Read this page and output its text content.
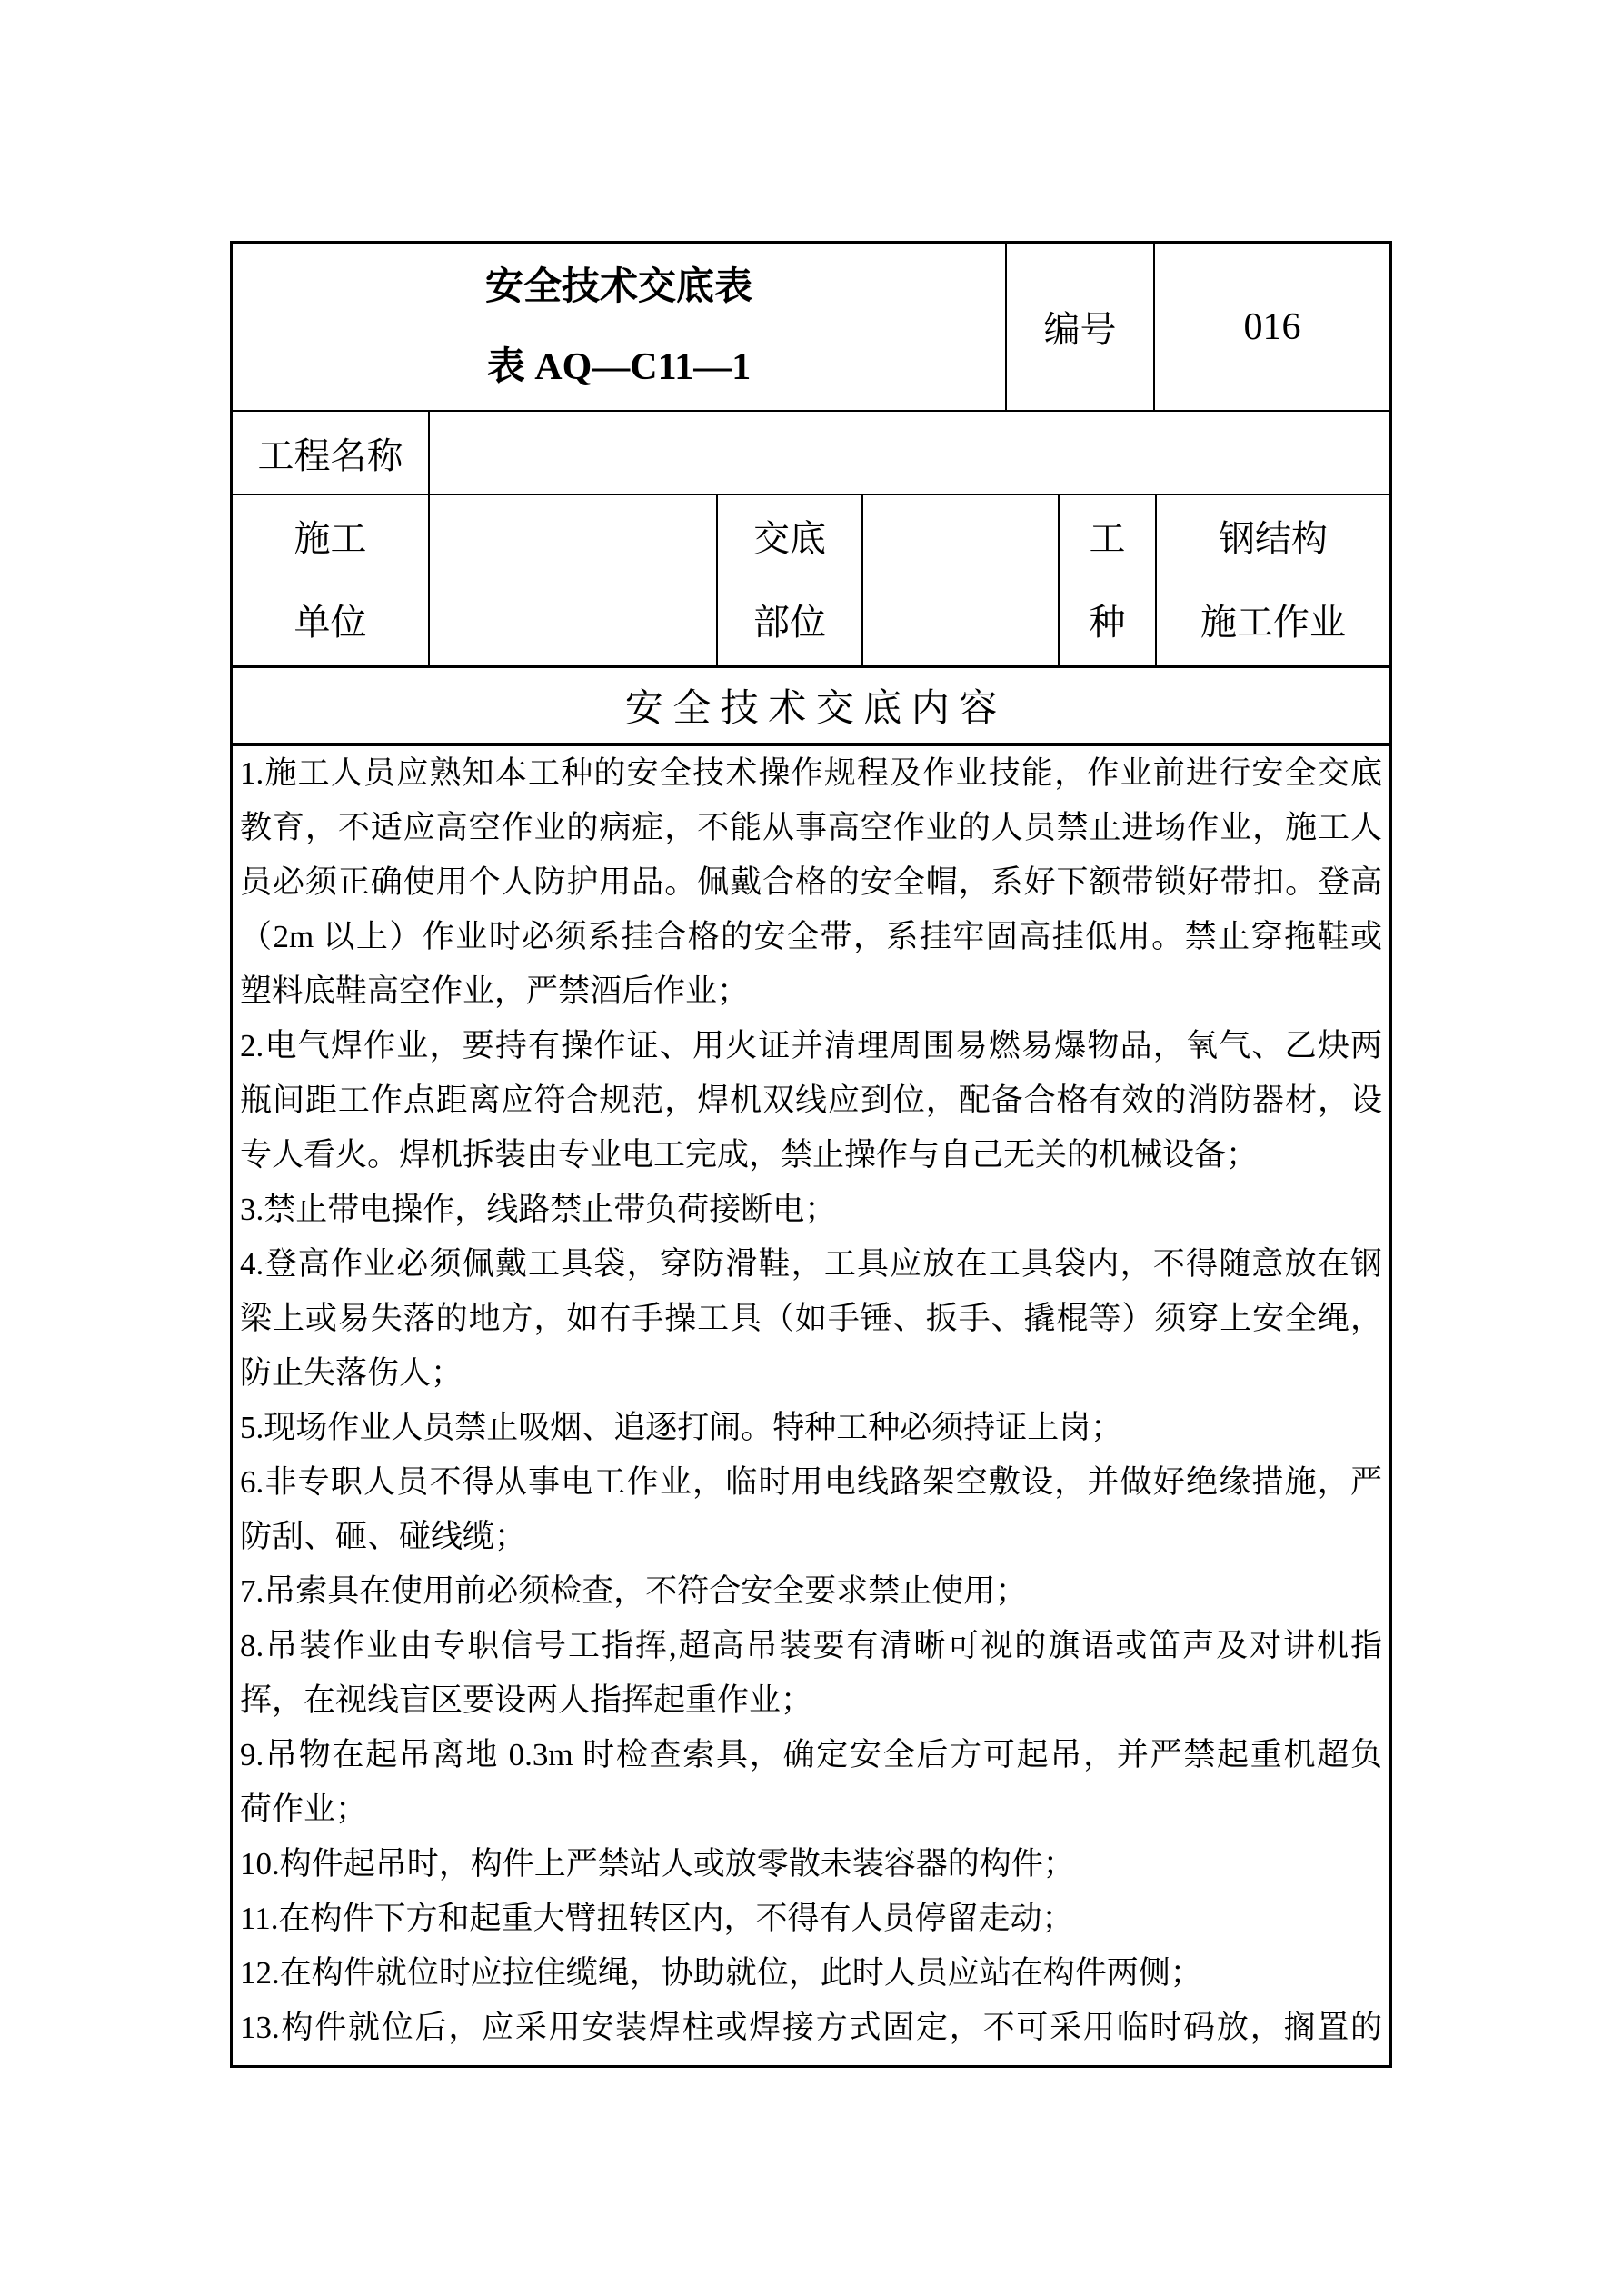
安全技术交底表
表 AQ—C11—1
编号	016
工程名称
施工
单位
交底
部位
工
种
钢结构
施工作业
安 全 技 术 交 底 内 容
1.施工人员应熟知本工种的安全技术操作规程及作业技能，作业前进行安全交底
教育，不适应高空作业的病症，不能从事高空作业的人员禁止进场作业，施工人
员必须正确使用个人防护用品。佩戴合格的安全帽，系好下额带锁好带扣。登高
（2m 以上）作业时必须系挂合格的安全带，系挂牢固高挂低用。禁止穿拖鞋或
塑料底鞋高空作业，严禁酒后作业；
2.电气焊作业，要持有操作证、用火证并清理周围易燃易爆物品，氧气、乙炔两
瓶间距工作点距离应符合规范，焊机双线应到位，配备合格有效的消防器材，设
专人看火。焊机拆装由专业电工完成，禁止操作与自己无关的机械设备；
3.禁止带电操作，线路禁止带负荷接断电；
4.登高作业必须佩戴工具袋，穿防滑鞋，工具应放在工具袋内，不得随意放在钢
梁上或易失落的地方，如有手操工具（如手锤、扳手、撬棍等）须穿上安全绳，
防止失落伤人；
5.现场作业人员禁止吸烟、追逐打闹。特种工种必须持证上岗；
6.非专职人员不得从事电工作业，临时用电线路架空敷设，并做好绝缘措施，严
防刮、砸、碰线缆；
7.吊索具在使用前必须检查，不符合安全要求禁止使用；
8.吊装作业由专职信号工指挥,超高吊装要有清晰可视的旗语或笛声及对讲机指
挥，在视线盲区要设两人指挥起重作业；
9.吊物在起吊离地 0.3m 时检查索具，确定安全后方可起吊，并严禁起重机超负
荷作业；
10.构件起吊时，构件上严禁站人或放零散未装容器的构件；
11.在构件下方和起重大臂扭转区内，不得有人员停留走动；
12.在构件就位时应拉住缆绳，协助就位，此时人员应站在构件两侧；
13.构件就位后，应采用安装焊柱或焊接方式固定，不可采用临时码放，搁置的
